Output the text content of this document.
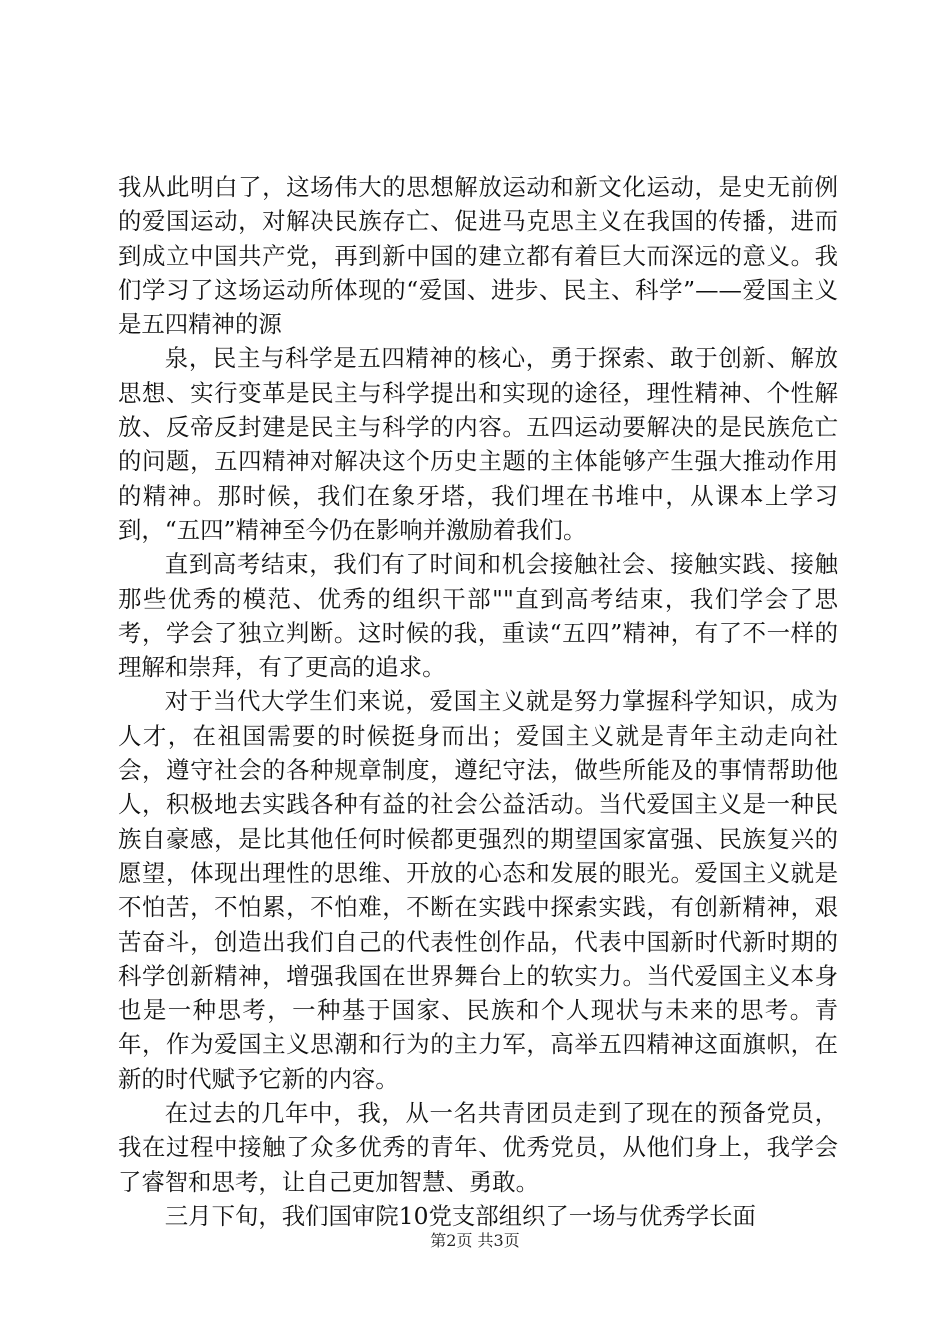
我从此明白了，这场伟大的思想解放运动和新文化运动，是史无前例的爱国运动，对解决民族存亡、促进马克思主义在我国的传播，进而到成立中国共产党，再到新中国的建立都有着巨大而深远的意义。我们学习了这场运动所体现的“爱国、进步、民主、科学”——爱国主义是五四精神的源

泉，民主与科学是五四精神的核心，勇于探索、敢于创新、解放思想、实行变革是民主与科学提出和实现的途径，理性精神、个性解放、反帝反封建是民主与科学的内容。五四运动要解决的是民族危亡的问题，五四精神对解决这个历史主题的主体能够产生强大推动作用的精神。那时候，我们在象牙塔，我们埋在书堆中，从课本上学习到，“五四”精神至今仍在影响并激励着我们。

直到高考结束，我们有了时间和机会接触社会、接触实践、接触那些优秀的模范、优秀的组织干部""直到高考结束，我们学会了思考，学会了独立判断。这时候的我，重读“五四”精神，有了不一样的理解和崇拜，有了更高的追求。

对于当代大学生们来说，爱国主义就是努力掌握科学知识，成为人才，在祖国需要的时候挺身而出；爱国主义就是青年主动走向社会，遵守社会的各种规章制度，遵纪守法，做些所能及的事情帮助他人，积极地去实践各种有益的社会公益活动。当代爱国主义是一种民族自豪感，是比其他任何时候都更强烈的期望国家富强、民族复兴的愿望，体现出理性的思维、开放的心态和发展的眼光。爱国主义就是不怕苦，不怕累，不怕难，不断在实践中探索实践，有创新精神，艰苦奋斗，创造出我们自己的代表性创作品，代表中国新时代新时期的科学创新精神，增强我国在世界舞台上的软实力。当代爱国主义本身也是一种思考，一种基于国家、民族和个人现状与未来的思考。青年，作为爱国主义思潮和行为的主力军，高举五四精神这面旗帜，在新的时代赋予它新的内容。

在过去的几年中，我，从一名共青团员走到了现在的预备党员，我在过程中接触了众多优秀的青年、优秀党员，从他们身上，我学会了睿智和思考，让自己更加智慧、勇敢。

三月下旬，我们国审院10党支部组织了一场与优秀学长面

第2页 共3页
